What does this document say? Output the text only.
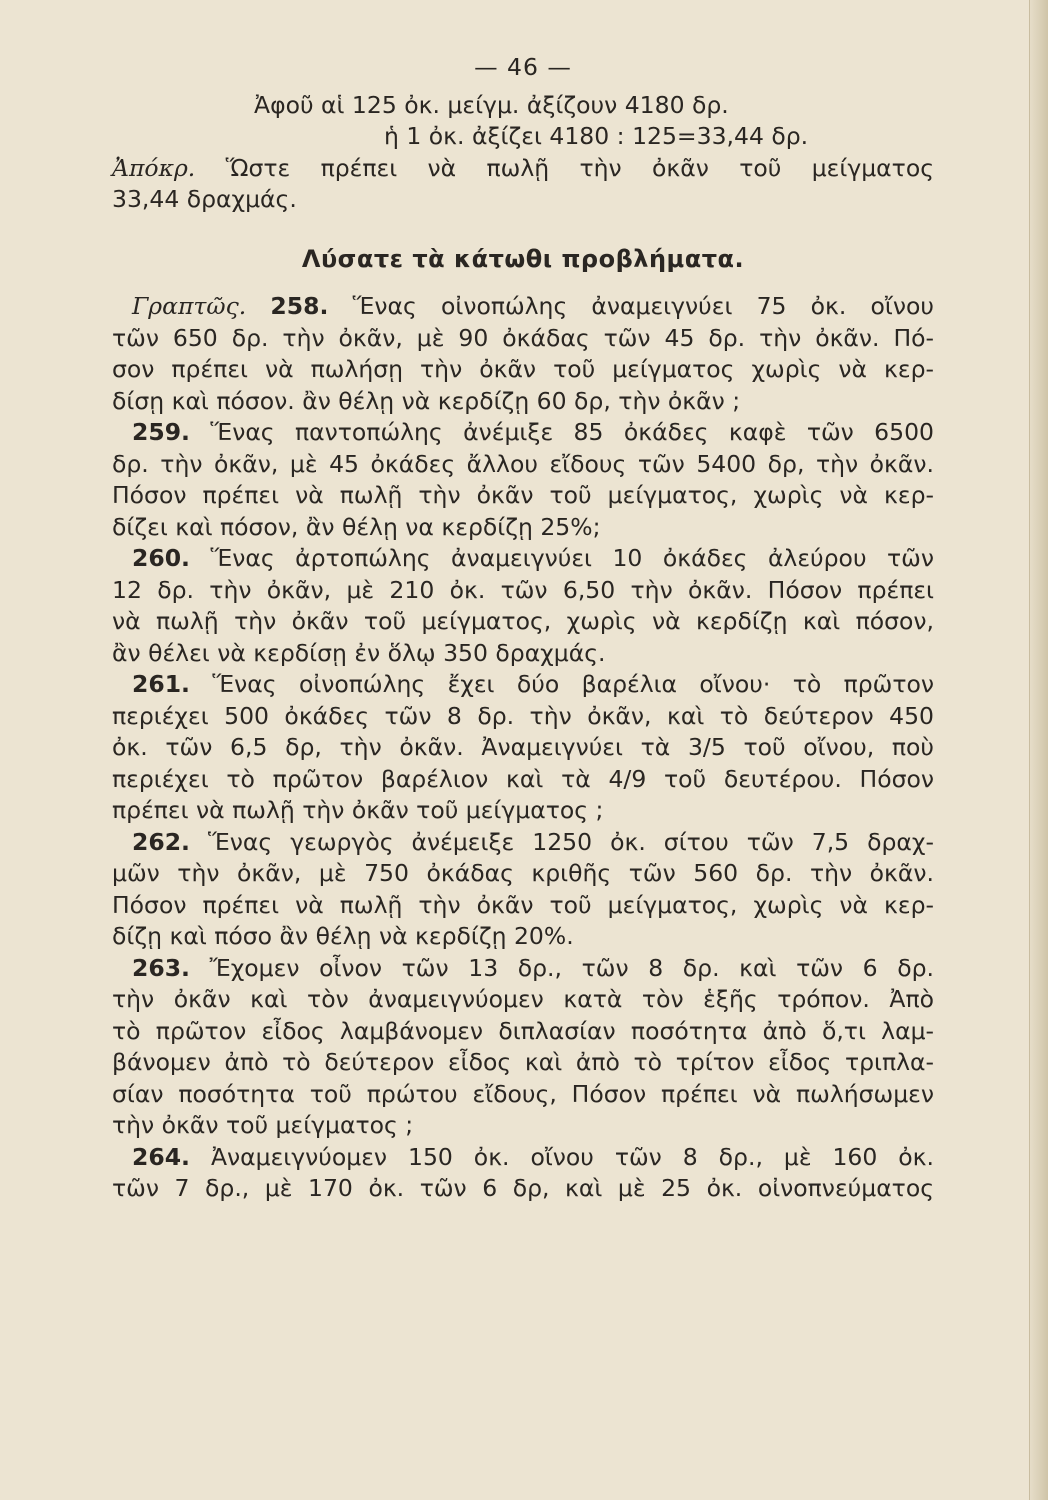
— 46 —
Ἀφοῦ αἱ 125 ὀκ. μείγμ. ἀξίζουν 4180 δρ.
ἡ 1 ὀκ. ἀξίζει 4180 : 125=33,44 δρ.
Ἀπόκρ. Ὥστε πρέπει νὰ πωλῇ τὴν ὀκᾶν τοῦ μείγματος
33,44 δραχμάς.
Λύσατε τὰ κάτωθι προβλήματα.
Γραπτῶς. 258. Ἕνας οἰνοπώλης ἀναμειγνύει 75 ὀκ. οἴνου
τῶν 650 δρ. τὴν ὀκᾶν, μὲ 90 ὀκάδας τῶν 45 δρ. τὴν ὀκᾶν. Πό-
σον πρέπει νὰ πωλήσῃ τὴν ὀκᾶν τοῦ μείγματος χωρὶς νὰ κερ-
δίσῃ καὶ πόσον. ἂν θέλῃ νὰ κερδίζῃ 60 δρ, τὴν ὀκᾶν ;
259. Ἕνας παντοπώλης ἀνέμιξε 85 ὀκάδες καφὲ τῶν 6500
δρ. τὴν ὀκᾶν, μὲ 45 ὀκάδες ἄλλου εἴδους τῶν 5400 δρ, τὴν ὀκᾶν.
Πόσον πρέπει νὰ πωλῇ τὴν ὀκᾶν τοῦ μείγματος, χωρὶς νὰ κερ-
δίζει καὶ πόσον, ἂν θέλῃ να κερδίζῃ 25%;
260. Ἕνας ἀρτοπώλης ἀναμειγνύει 10 ὀκάδες ἀλεύρου τῶν
12 δρ. τὴν ὀκᾶν, μὲ 210 ὀκ. τῶν 6,50 τὴν ὀκᾶν. Πόσον πρέπει
νὰ πωλῇ τὴν ὀκᾶν τοῦ μείγματος, χωρὶς νὰ κερδίζῃ καὶ πόσον,
ἂν θέλει νὰ κερδίσῃ ἐν ὅλῳ 350 δραχμάς.
261. Ἕνας οἰνοπώλης ἔχει δύο βαρέλια οἴνου· τὸ πρῶτον
περιέχει 500 ὀκάδες τῶν 8 δρ. τὴν ὀκᾶν, καὶ τὸ δεύτερον 450
ὀκ. τῶν 6,5 δρ, τὴν ὀκᾶν. Ἀναμειγνύει τὰ 3/5 τοῦ οἴνου, ποὺ
περιέχει τὸ πρῶτον βαρέλιον καὶ τὰ 4/9 τοῦ δευτέρου. Πόσον
πρέπει νὰ πωλῇ τὴν ὀκᾶν τοῦ μείγματος ;
262. Ἕνας γεωργὸς ἀνέμειξε 1250 ὀκ. σίτου τῶν 7,5 δραχ-
μῶν τὴν ὀκᾶν, μὲ 750 ὀκάδας κριθῆς τῶν 560 δρ. τὴν ὀκᾶν.
Πόσον πρέπει νὰ πωλῇ τὴν ὀκᾶν τοῦ μείγματος, χωρὶς νὰ κερ-
δίζῃ καὶ πόσο ἂν θέλῃ νὰ κερδίζῃ 20%.
263. Ἔχομεν οἶνον τῶν 13 δρ., τῶν 8 δρ. καὶ τῶν 6 δρ.
τὴν ὀκᾶν καὶ τὸν ἀναμειγνύομεν κατὰ τὸν ἑξῆς τρόπον. Ἀπὸ
τὸ πρῶτον εἶδος λαμβάνομεν διπλασίαν ποσότητα ἀπὸ ὅ,τι λαμ-
βάνομεν ἀπὸ τὸ δεύτερον εἶδος καὶ ἀπὸ τὸ τρίτον εἶδος τριπλα-
σίαν ποσότητα τοῦ πρώτου εἴδους, Πόσον πρέπει νὰ πωλήσωμεν
τὴν ὀκᾶν τοῦ μείγματος ;
264. Ἀναμειγνύομεν 150 ὀκ. οἴνου τῶν 8 δρ., μὲ 160 ὀκ.
τῶν 7 δρ., μὲ 170 ὀκ. τῶν 6 δρ, καὶ μὲ 25 ὀκ. οἰνοπνεύματος
